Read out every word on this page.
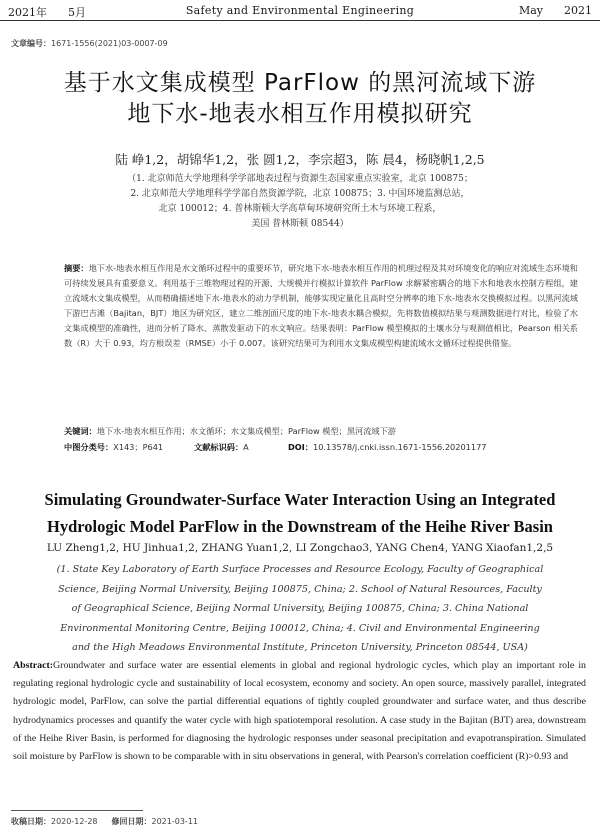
2021年 5月	Safety and Environmental Engineering	May 2021
文章编号：1671-1556(2021)03-0007-09
基于水文集成模型 ParFlow 的黑河流域下游
地下水-地表水相互作用模拟研究
陆 峥1,2，胡锦华1,2，张 圆1,2，李宗超3，陈 晨4，杨晓帆1,2,5
（1. 北京师范大学地理科学学部地表过程与资源生态国家重点实验室，北京 100875；
2. 北京师范大学地理科学学部自然资源学院，北京 100875；3. 中国环境监测总站，
北京 100012；4. 普林斯顿大学高草甸环境研究所土木与环境工程系，
美国 普林斯顿 08544）
摘要：地下水-地表水相互作用是水文循环过程中的重要环节，研究地下水-地表水相互作用的机理过程及其对环境变化的响应对流域生态环境和可持续发展具有重要意义。利用基于三维物理过程的开源、大规模并行模拟计算软件 ParFlow 求解紧密耦合的地下水和地表水控制方程组，建立流域水文集成模型，从而精确描述地下水-地表水的动力学机制，能够实现定量化且高时空分辨率的地下水-地表水交换模拟过程。以黑河流域下游巴吉滩（Bajitan，BJT）地区为研究区，建立二维剖面尺度的地下水-地表水耦合模拟，先将数值模拟结果与观测数据进行对比，检验了水文集成模型的准确性，进而分析了降水、蒸散发驱动下的水文响应。结果表明：ParFlow 模型模拟的土壤水分与观测值相比，Pearson 相关系数（R）大于 0.93，均方根误差（RMSE）小于 0.007。该研究结果可为利用水文集成模型构建流域水文循环过程提供借鉴。
关键词：地下水-地表水相互作用；水文循环；水文集成模型；ParFlow 模型；黑河流域下游
中图分类号：X143；P641	文献标识码：A	DOI：10.13578/j.cnki.issn.1671-1556.20201177
Simulating Groundwater-Surface Water Interaction Using an Integrated
Hydrologic Model ParFlow in the Downstream of the Heihe River Basin
LU Zheng1,2, HU Jinhua1,2, ZHANG Yuan1,2, LI Zongchao3, YANG Chen4, YANG Xiaofan1,2,5
(1. State Key Laboratory of Earth Surface Processes and Resource Ecology, Faculty of Geographical
Science, Beijing Normal University, Beijing 100875, China; 2. School of Natural Resources, Faculty
of Geographical Science, Beijing Normal University, Beijing 100875, China; 3. China National
Environmental Monitoring Centre, Beijing 100012, China; 4. Civil and Environmental Engineering
and the High Meadows Environmental Institute, Princeton University, Princeton 08544, USA)
Abstract:Groundwater and surface water are essential elements in global and regional hydrologic cycles, which play an important role in regulating regional hydrologic cycle and sustainability of local ecosystem, economy and society. An open source, massively parallel, integrated hydrologic model, ParFlow, can solve the partial differential equations of tightly coupled groundwater and surface water, and thus describe hydrodynamics processes and quantify the water cycle with high spatiotemporal resolution. A case study in the Bajitan (BJT) area, downstream of the Heihe River Basin, is performed for diagnosing the hydrologic responses under seasonal precipitation and evapotranspiration. Simulated soil moisture by ParFlow is shown to be comparable with in situ observations in general, with Pearson's correlation coefficient (R)>0.93 and
收稿日期：2020-12-28 修回日期：2021-03-11
